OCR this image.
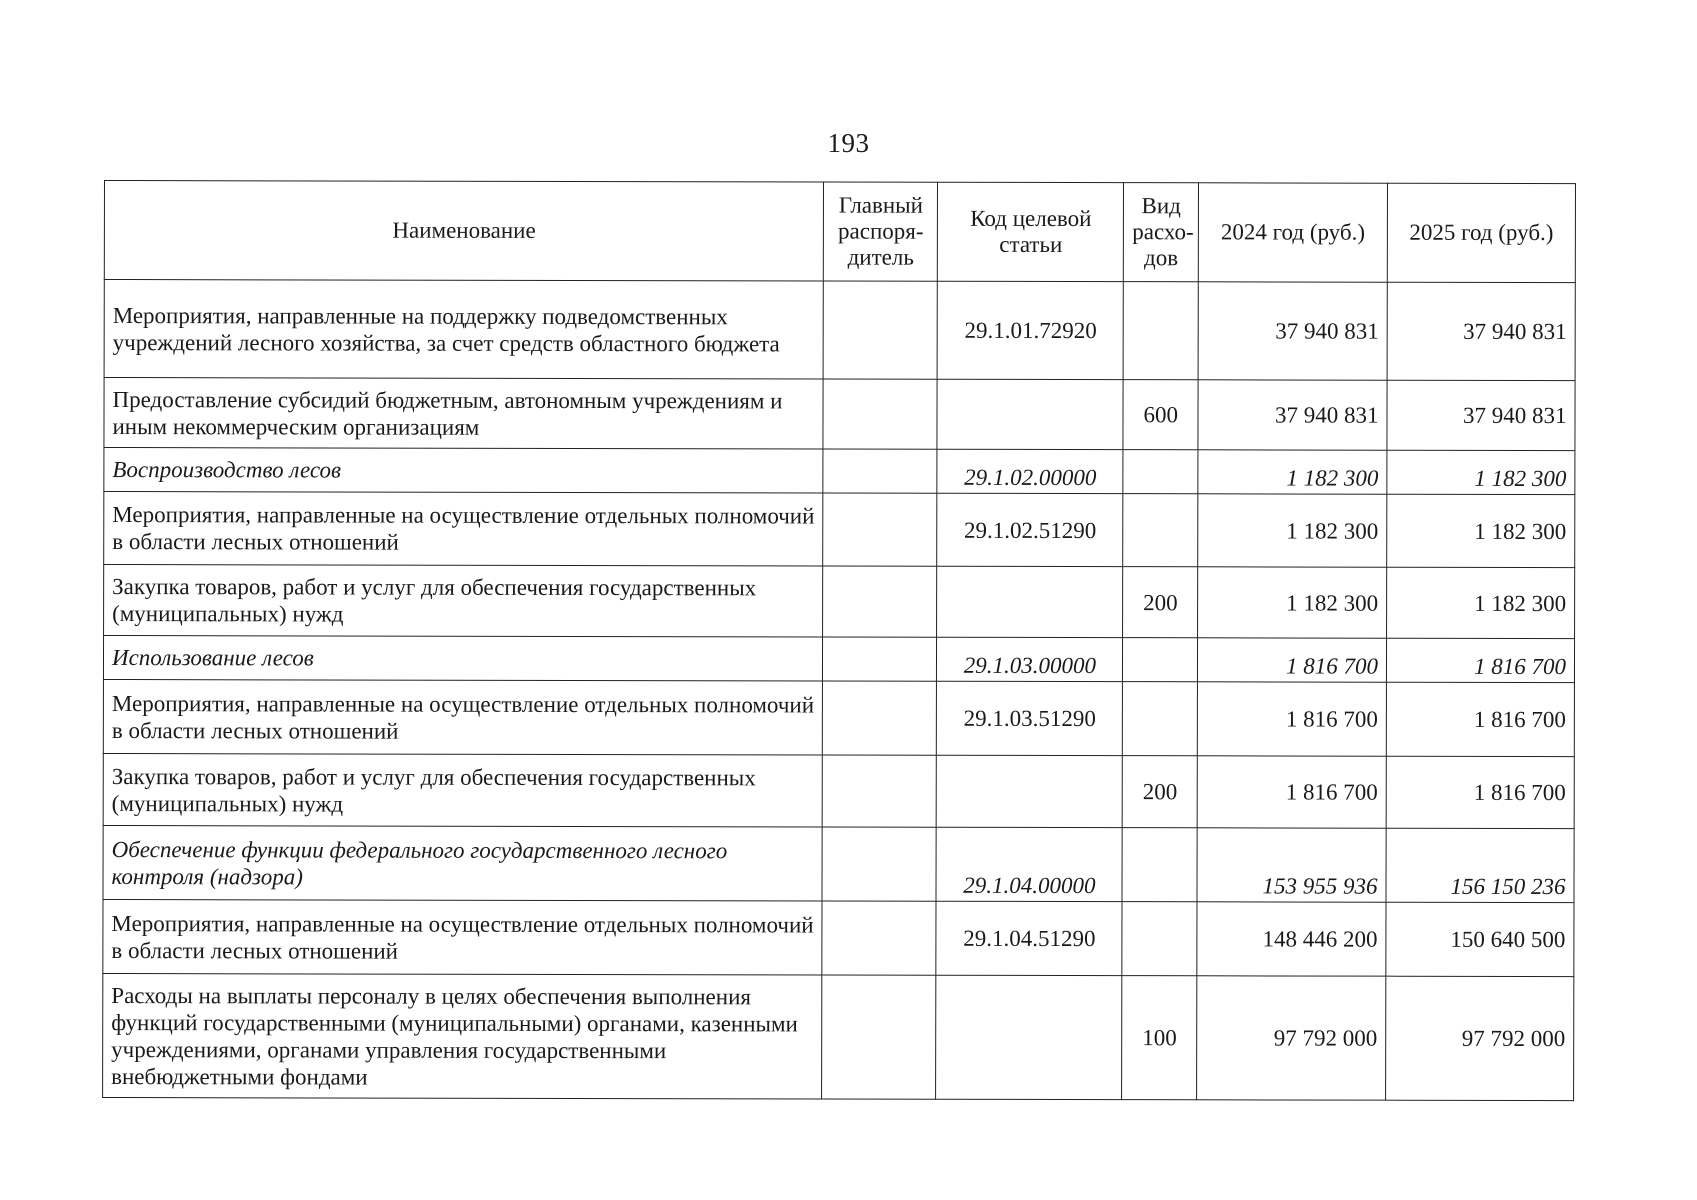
193
Наименование	Главный распоря-дитель	Код целевой статьи	Вид расхо-дов	2024 год (руб.)	2025 год (руб.)
Мероприятия, направленные на поддержку подведомственных учреждений лесного хозяйства, за счет средств областного бюджета		29.1.01.72920		37 940 831	37 940 831
Предоставление субсидий бюджетным, автономным учреждениям и иным некоммерческим организациям			600	37 940 831	37 940 831
Воспроизводство лесов		29.1.02.00000		1 182 300	1 182 300
Мероприятия, направленные на осуществление отдельных полномочий в области лесных отношений		29.1.02.51290		1 182 300	1 182 300
Закупка товаров, работ и услуг для обеспечения государственных (муниципальных) нужд			200	1 182 300	1 182 300
Использование лесов		29.1.03.00000		1 816 700	1 816 700
Мероприятия, направленные на осуществление отдельных полномочий в области лесных отношений		29.1.03.51290		1 816 700	1 816 700
Закупка товаров, работ и услуг для обеспечения государственных (муниципальных) нужд			200	1 816 700	1 816 700
Обеспечение функции федерального государственного лесного контроля (надзора)		29.1.04.00000		153 955 936	156 150 236
Мероприятия, направленные на осуществление отдельных полномочий в области лесных отношений		29.1.04.51290		148 446 200	150 640 500
Расходы на выплаты персоналу в целях обеспечения выполнения функций государственными (муниципальными) органами, казенными учреждениями, органами управления государственными внебюджетными фондами			100	97 792 000	97 792 000
